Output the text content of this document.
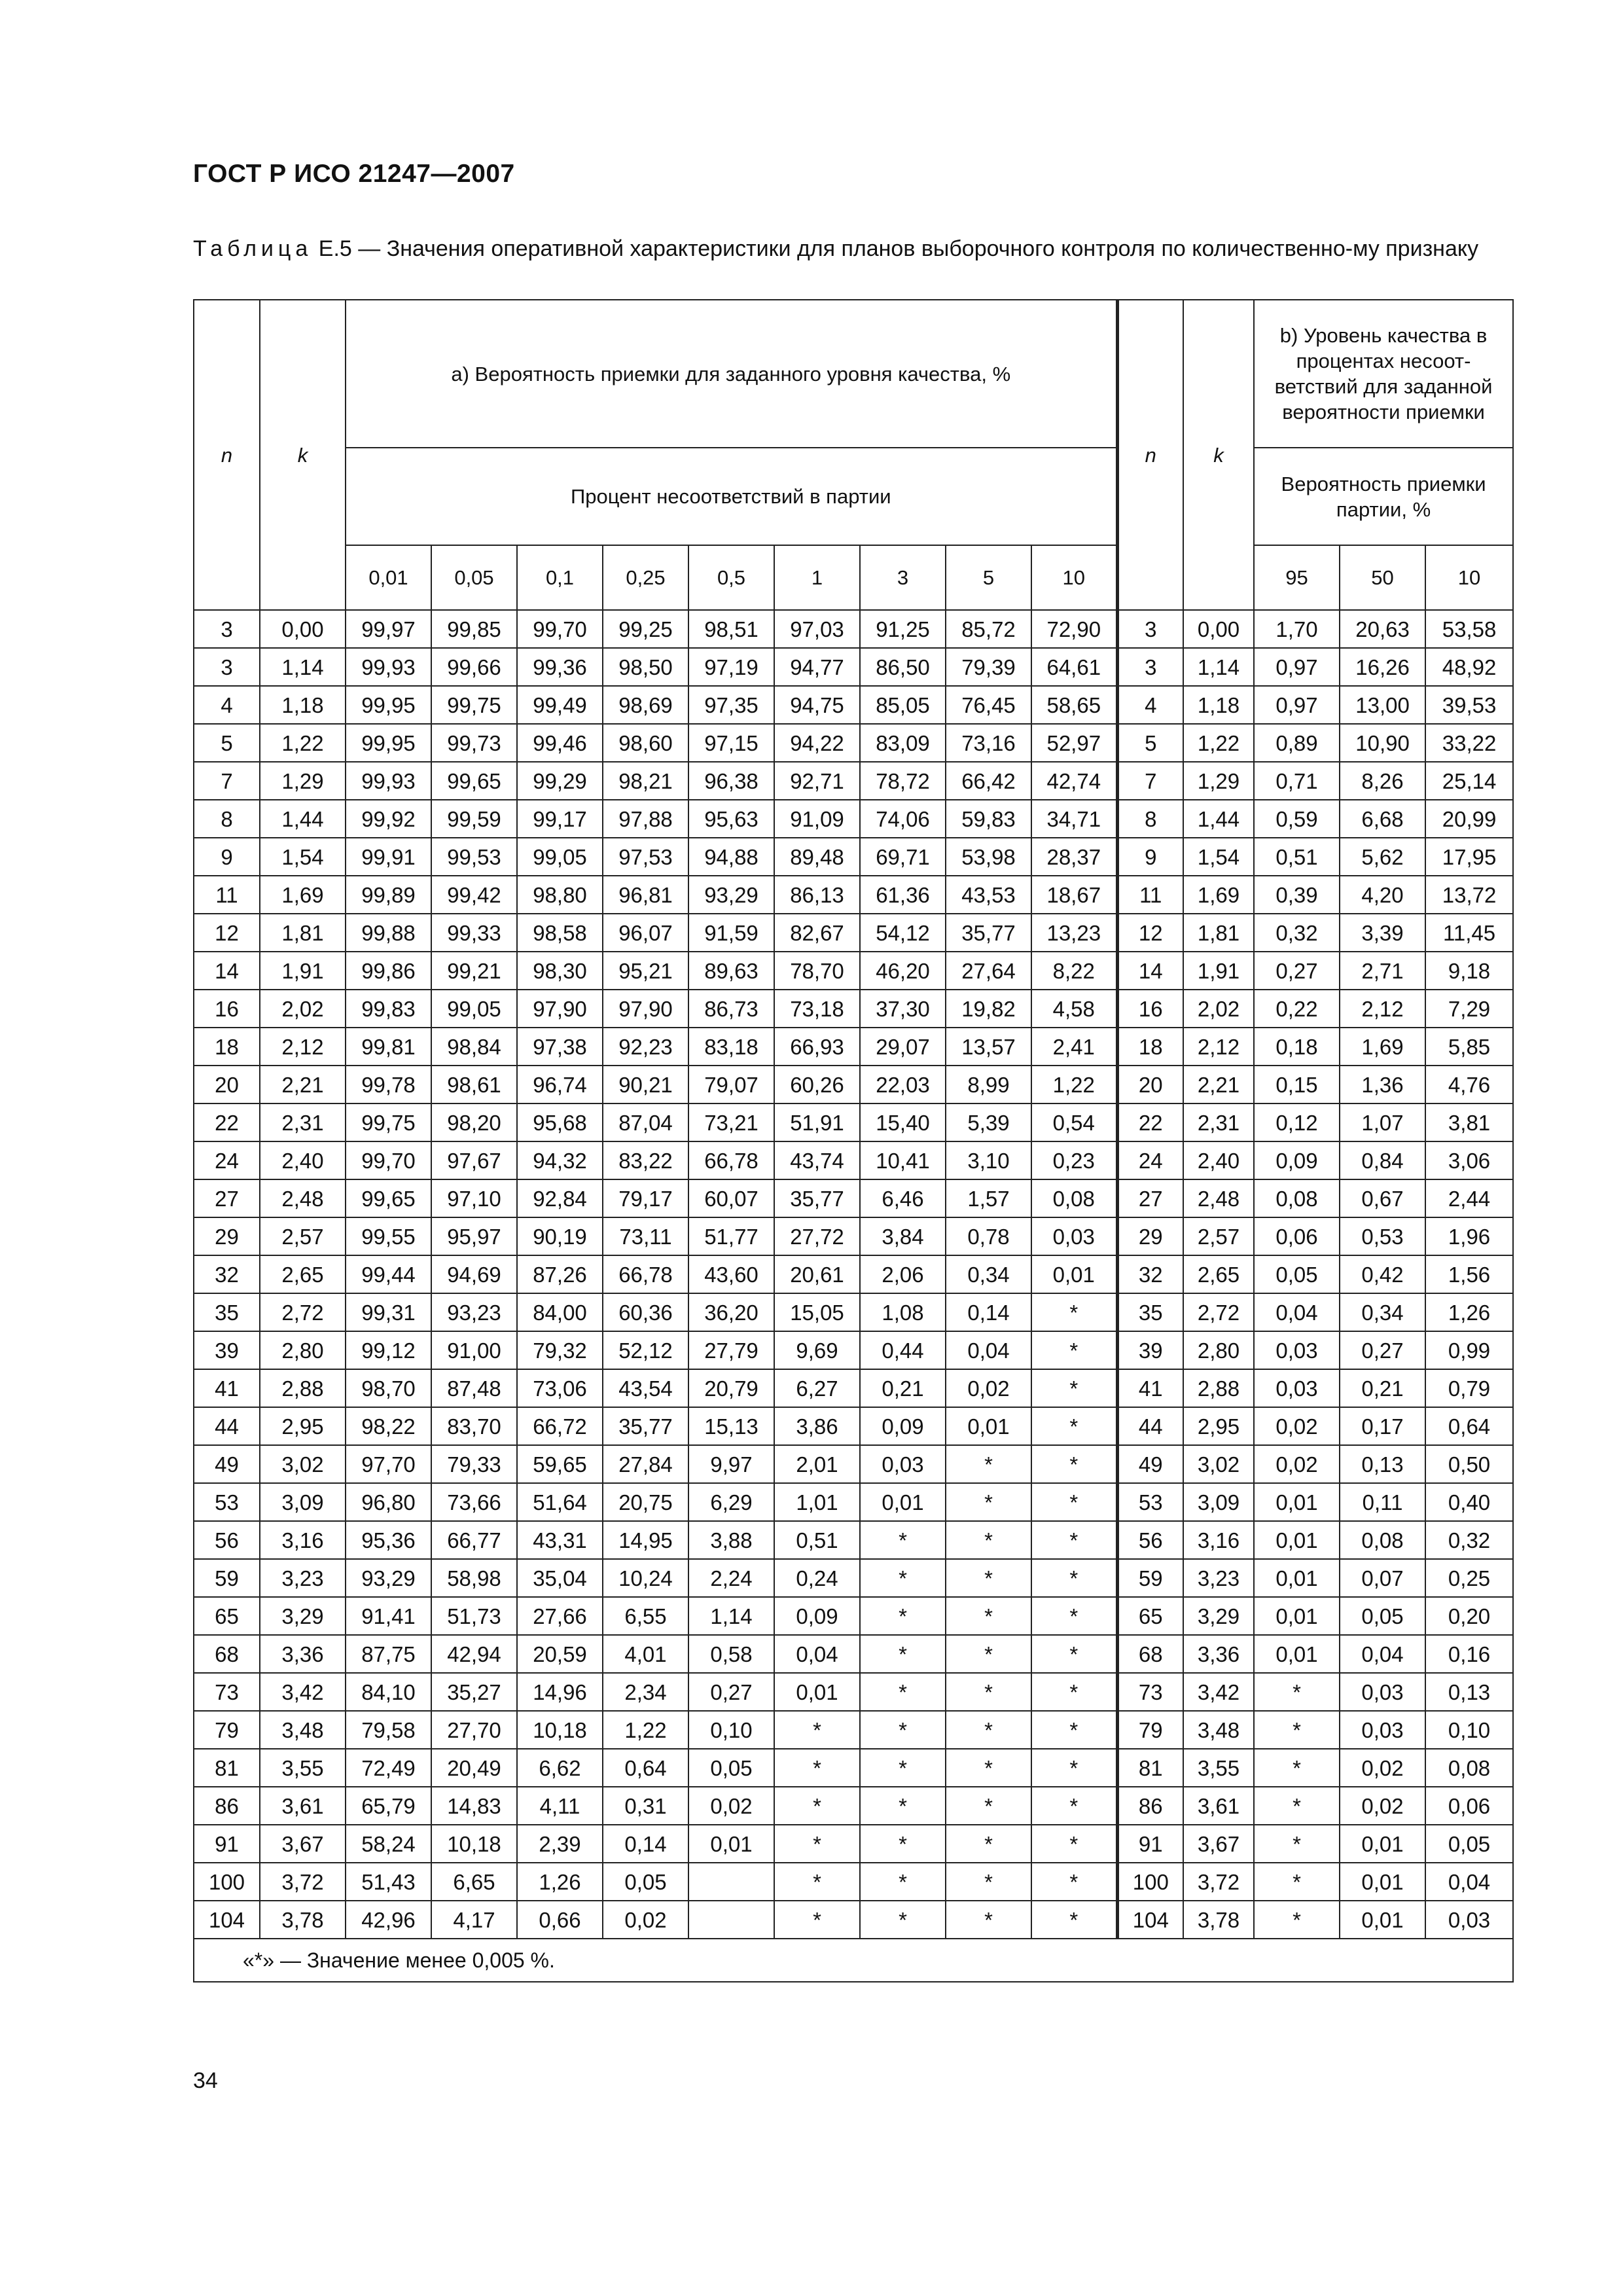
ГОСТ Р ИСО 21247—2007
Таблица Е.5 — Значения оперативной характеристики для планов выборочного контроля по количественно-му признаку
n	k	a) Вероятность приемки для заданного уровня качества, %									n	k	b) Уровень качества в процентах несоот-ветствий для заданной вероятности приемки		

		Процент несоответствий в партии											Вероятность приемки партии, %		

		0,01	0,05	0,1	0,25	0,5	1	3	5	10			95	50	10
3	0,00	99,97	99,85	99,70	99,25	98,51	97,03	91,25	85,72	72,90	3	0,00	1,70	20,63	53,58
3	1,14	99,93	99,66	99,36	98,50	97,19	94,77	86,50	79,39	64,61	3	1,14	0,97	16,26	48,92
4	1,18	99,95	99,75	99,49	98,69	97,35	94,75	85,05	76,45	58,65	4	1,18	0,97	13,00	39,53
5	1,22	99,95	99,73	99,46	98,60	97,15	94,22	83,09	73,16	52,97	5	1,22	0,89	10,90	33,22
7	1,29	99,93	99,65	99,29	98,21	96,38	92,71	78,72	66,42	42,74	7	1,29	0,71	8,26	25,14
8	1,44	99,92	99,59	99,17	97,88	95,63	91,09	74,06	59,83	34,71	8	1,44	0,59	6,68	20,99
9	1,54	99,91	99,53	99,05	97,53	94,88	89,48	69,71	53,98	28,37	9	1,54	0,51	5,62	17,95
11	1,69	99,89	99,42	98,80	96,81	93,29	86,13	61,36	43,53	18,67	11	1,69	0,39	4,20	13,72
12	1,81	99,88	99,33	98,58	96,07	91,59	82,67	54,12	35,77	13,23	12	1,81	0,32	3,39	11,45
14	1,91	99,86	99,21	98,30	95,21	89,63	78,70	46,20	27,64	8,22	14	1,91	0,27	2,71	9,18
16	2,02	99,83	99,05	97,90	97,90	86,73	73,18	37,30	19,82	4,58	16	2,02	0,22	2,12	7,29
18	2,12	99,81	98,84	97,38	92,23	83,18	66,93	29,07	13,57	2,41	18	2,12	0,18	1,69	5,85
20	2,21	99,78	98,61	96,74	90,21	79,07	60,26	22,03	8,99	1,22	20	2,21	0,15	1,36	4,76
22	2,31	99,75	98,20	95,68	87,04	73,21	51,91	15,40	5,39	0,54	22	2,31	0,12	1,07	3,81
24	2,40	99,70	97,67	94,32	83,22	66,78	43,74	10,41	3,10	0,23	24	2,40	0,09	0,84	3,06
27	2,48	99,65	97,10	92,84	79,17	60,07	35,77	6,46	1,57	0,08	27	2,48	0,08	0,67	2,44
29	2,57	99,55	95,97	90,19	73,11	51,77	27,72	3,84	0,78	0,03	29	2,57	0,06	0,53	1,96
32	2,65	99,44	94,69	87,26	66,78	43,60	20,61	2,06	0,34	0,01	32	2,65	0,05	0,42	1,56
35	2,72	99,31	93,23	84,00	60,36	36,20	15,05	1,08	0,14	*	35	2,72	0,04	0,34	1,26
39	2,80	99,12	91,00	79,32	52,12	27,79	9,69	0,44	0,04	*	39	2,80	0,03	0,27	0,99
41	2,88	98,70	87,48	73,06	43,54	20,79	6,27	0,21	0,02	*	41	2,88	0,03	0,21	0,79
44	2,95	98,22	83,70	66,72	35,77	15,13	3,86	0,09	0,01	*	44	2,95	0,02	0,17	0,64
49	3,02	97,70	79,33	59,65	27,84	9,97	2,01	0,03	*	*	49	3,02	0,02	0,13	0,50
53	3,09	96,80	73,66	51,64	20,75	6,29	1,01	0,01	*	*	53	3,09	0,01	0,11	0,40
56	3,16	95,36	66,77	43,31	14,95	3,88	0,51	*	*	*	56	3,16	0,01	0,08	0,32
59	3,23	93,29	58,98	35,04	10,24	2,24	0,24	*	*	*	59	3,23	0,01	0,07	0,25
65	3,29	91,41	51,73	27,66	6,55	1,14	0,09	*	*	*	65	3,29	0,01	0,05	0,20
68	3,36	87,75	42,94	20,59	4,01	0,58	0,04	*	*	*	68	3,36	0,01	0,04	0,16
73	3,42	84,10	35,27	14,96	2,34	0,27	0,01	*	*	*	73	3,42	*	0,03	0,13
79	3,48	79,58	27,70	10,18	1,22	0,10	*	*	*	*	79	3,48	*	0,03	0,10
81	3,55	72,49	20,49	6,62	0,64	0,05	*	*	*	*	81	3,55	*	0,02	0,08
86	3,61	65,79	14,83	4,11	0,31	0,02	*	*	*	*	86	3,61	*	0,02	0,06
91	3,67	58,24	10,18	2,39	0,14	0,01	*	*	*	*	91	3,67	*	0,01	0,05
100	3,72	51,43	6,65	1,26	0,05		*	*	*	*	100	3,72	*	0,01	0,04
104	3,78	42,96	4,17	0,66	0,02		*	*	*	*	104	3,78	*	0,01	0,03
«*» — Значение менее 0,005 %.															
34
